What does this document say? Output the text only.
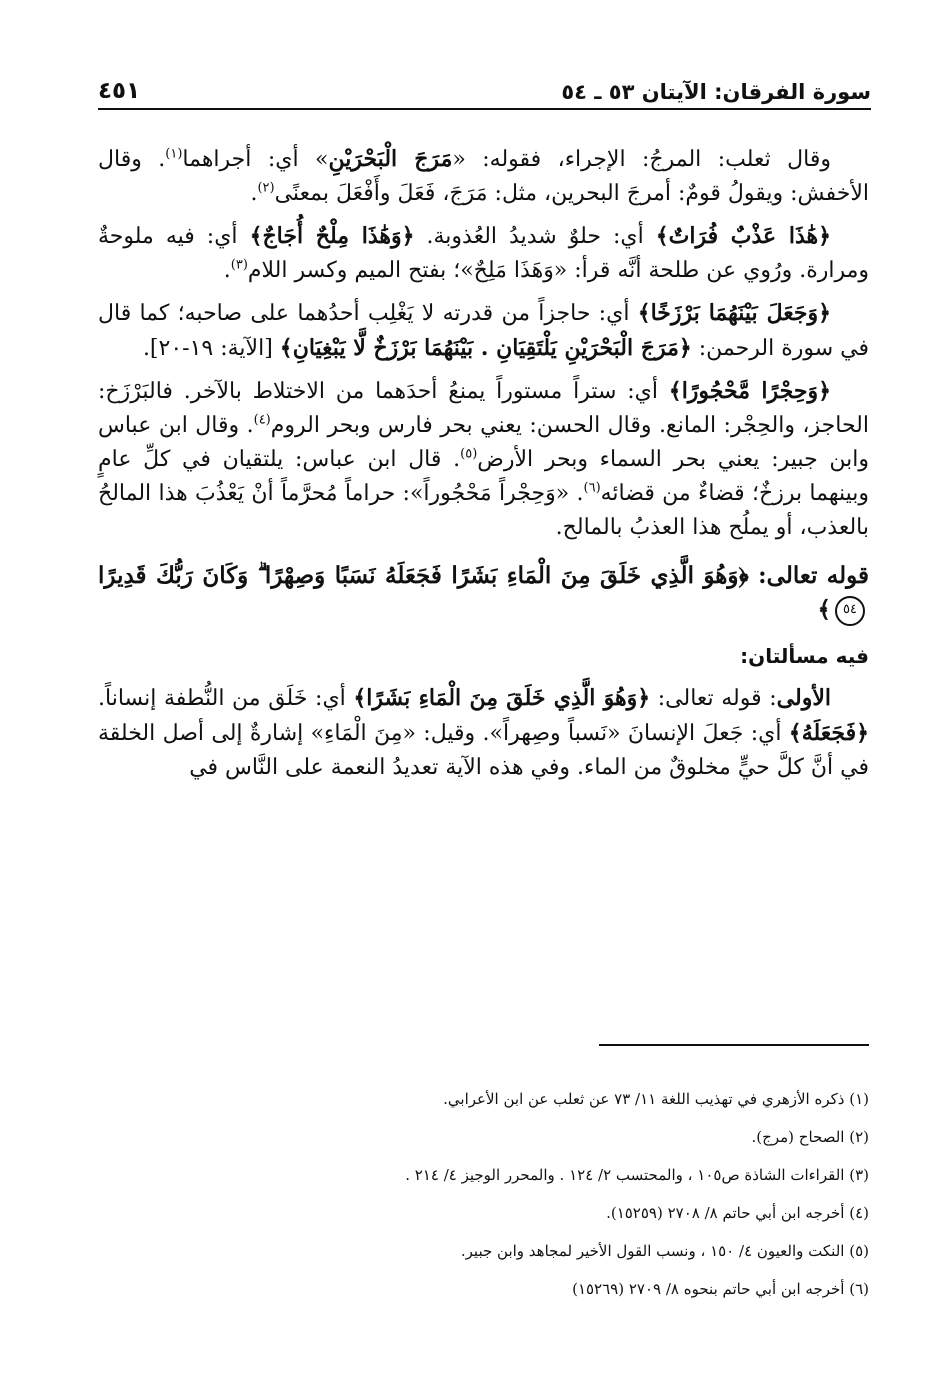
سورة الفرقان: الآيتان ٥٣ ـ ٥٤
٤٥١

وقال ثعلب: المرجُ: الإجراء، فقوله: «مَرَجَ الْبَحْرَيْنِ» أي: أجراهما$^{(١)}$. وقال الأخفش: ويقولُ قومٌ: أمرجَ البحرين، مثل: مَرَجَ، فَعَلَ وأَفْعَلَ بمعنًى$^{(٢)}$.

﴿هَٰذَا عَذْبٌ فُرَاتٌ﴾ أي: حلوٌ شديدُ العُذوبة. ﴿وَهَٰذَا مِلْحٌ أُجَاجٌ﴾ أي: فيه ملوحةٌ ومرارة. ورُوي عن طلحة أنَّه قرأ: «وَهَذَا مَلِحٌ»؛ بفتح الميم وكسر اللام$^{(٣)}$.

﴿وَجَعَلَ بَيْنَهُمَا بَرْزَخًا﴾ أي: حاجزاً من قدرته لا يَغْلِب أحدُهما على صاحبه؛ كما قال في سورة الرحمن: ﴿مَرَجَ الْبَحْرَيْنِ يَلْتَقِيَانِ . بَيْنَهُمَا بَرْزَخٌ لَّا يَبْغِيَانِ﴾ [الآية: ١٩-٢٠].

﴿وَحِجْرًا مَّحْجُورًا﴾ أي: ستراً مستوراً يمنعُ أحدَهما من الاختلاط بالآخر. فالبَرْزَخ: الحاجز، والحِجْر: المانع. وقال الحسن: يعني بحر فارس وبحر الروم$^{(٤)}$. وقال ابن عباس وابن جبير: يعني بحر السماء وبحر الأرض$^{(٥)}$. قال ابن عباس: يلتقيان في كلِّ عامٍ وبينهما برزخٌ؛ قضاءٌ من قضائه$^{(٦)}$. «وَحِجْراً مَحْجُوراً»: حراماً مُحرَّماً أنْ يَعْذُبَ هذا المالحُ بالعذب، أو يملُح هذا العذبُ بالمالح.

قوله تعالى: ﴿وَهُوَ الَّذِي خَلَقَ مِنَ الْمَاءِ بَشَرًا فَجَعَلَهُ نَسَبًا وَصِهْرًا ۗ وَكَانَ رَبُّكَ قَدِيرًا٥٤﴾

فيه مسألتان:

الأولى: قوله تعالى: ﴿وَهُوَ الَّذِي خَلَقَ مِنَ الْمَاءِ بَشَرًا﴾ أي: خَلَق من النُّطفة إنساناً. ﴿فَجَعَلَهُ﴾ أي: جَعلَ الإنسانَ «نَسباً وصِهراً». وقيل: «مِنَ الْمَاءِ» إشارةٌ إلى أصل الخلقة في أنَّ كلَّ حيٍّ مخلوقٌ من الماء. وفي هذه الآية تعديدُ النعمة على النَّاس في

(١) ذكره الأزهري في تهذيب اللغة ١١/ ٧٣ عن ثعلب عن ابن الأعرابي.
(٢) الصحاح (مرج).
(٣) القراءات الشاذة ص١٠٥ ، والمحتسب ٢/ ١٢٤ . والمحرر الوجيز ٤/ ٢١٤ .
(٤) أخرجه ابن أبي حاتم ٨/ ٢٧٠٨ (١٥٢٥٩).
(٥) النكت والعيون ٤/ ١٥٠ ، ونسب القول الأخير لمجاهد وابن جبير.
(٦) أخرجه ابن أبي حاتم بنحوه ٨/ ٢٧٠٩ (١٥٢٦٩)
